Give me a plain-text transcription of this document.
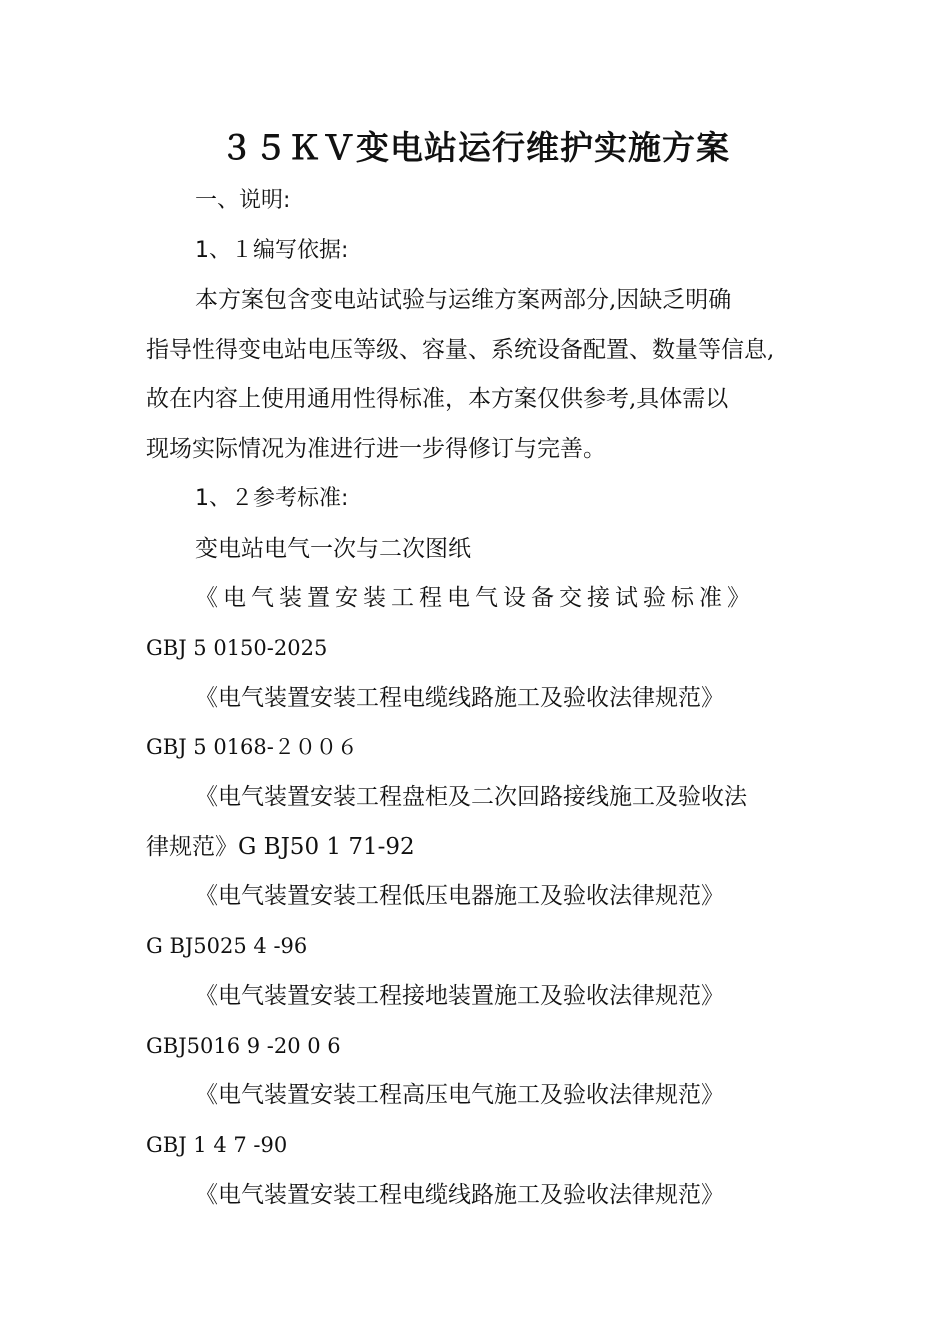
３５ＫＶ变电站运行维护实施方案
一、说明:
1、１编写依据:
本方案包含变电站试验与运维方案两部分,因缺乏明确
指导性得变电站电压等级、容量、系统设备配置、数量等信息,
故在内容上使用通用性得标准，本方案仅供参考,具体需以
现场实际情况为准进行进一步得修订与完善。
1、２参考标准:
变电站电气一次与二次图纸
《电气装置安装工程电气设备交接试验标准》
GBJ 5 0150-2025
《电气装置安装工程电缆线路施工及验收法律规范》
GBJ 5 0168-２００６
《电气装置安装工程盘柜及二次回路接线施工及验收法
律规范》G BJ50 1 71-92
《电气装置安装工程低压电器施工及验收法律规范》
G BJ5025 4 -96
《电气装置安装工程接地装置施工及验收法律规范》
GBJ5016 9 -20 0 6
《电气装置安装工程高压电气施工及验收法律规范》
GBJ 1 4 7 -90
《电气装置安装工程电缆线路施工及验收法律规范》
